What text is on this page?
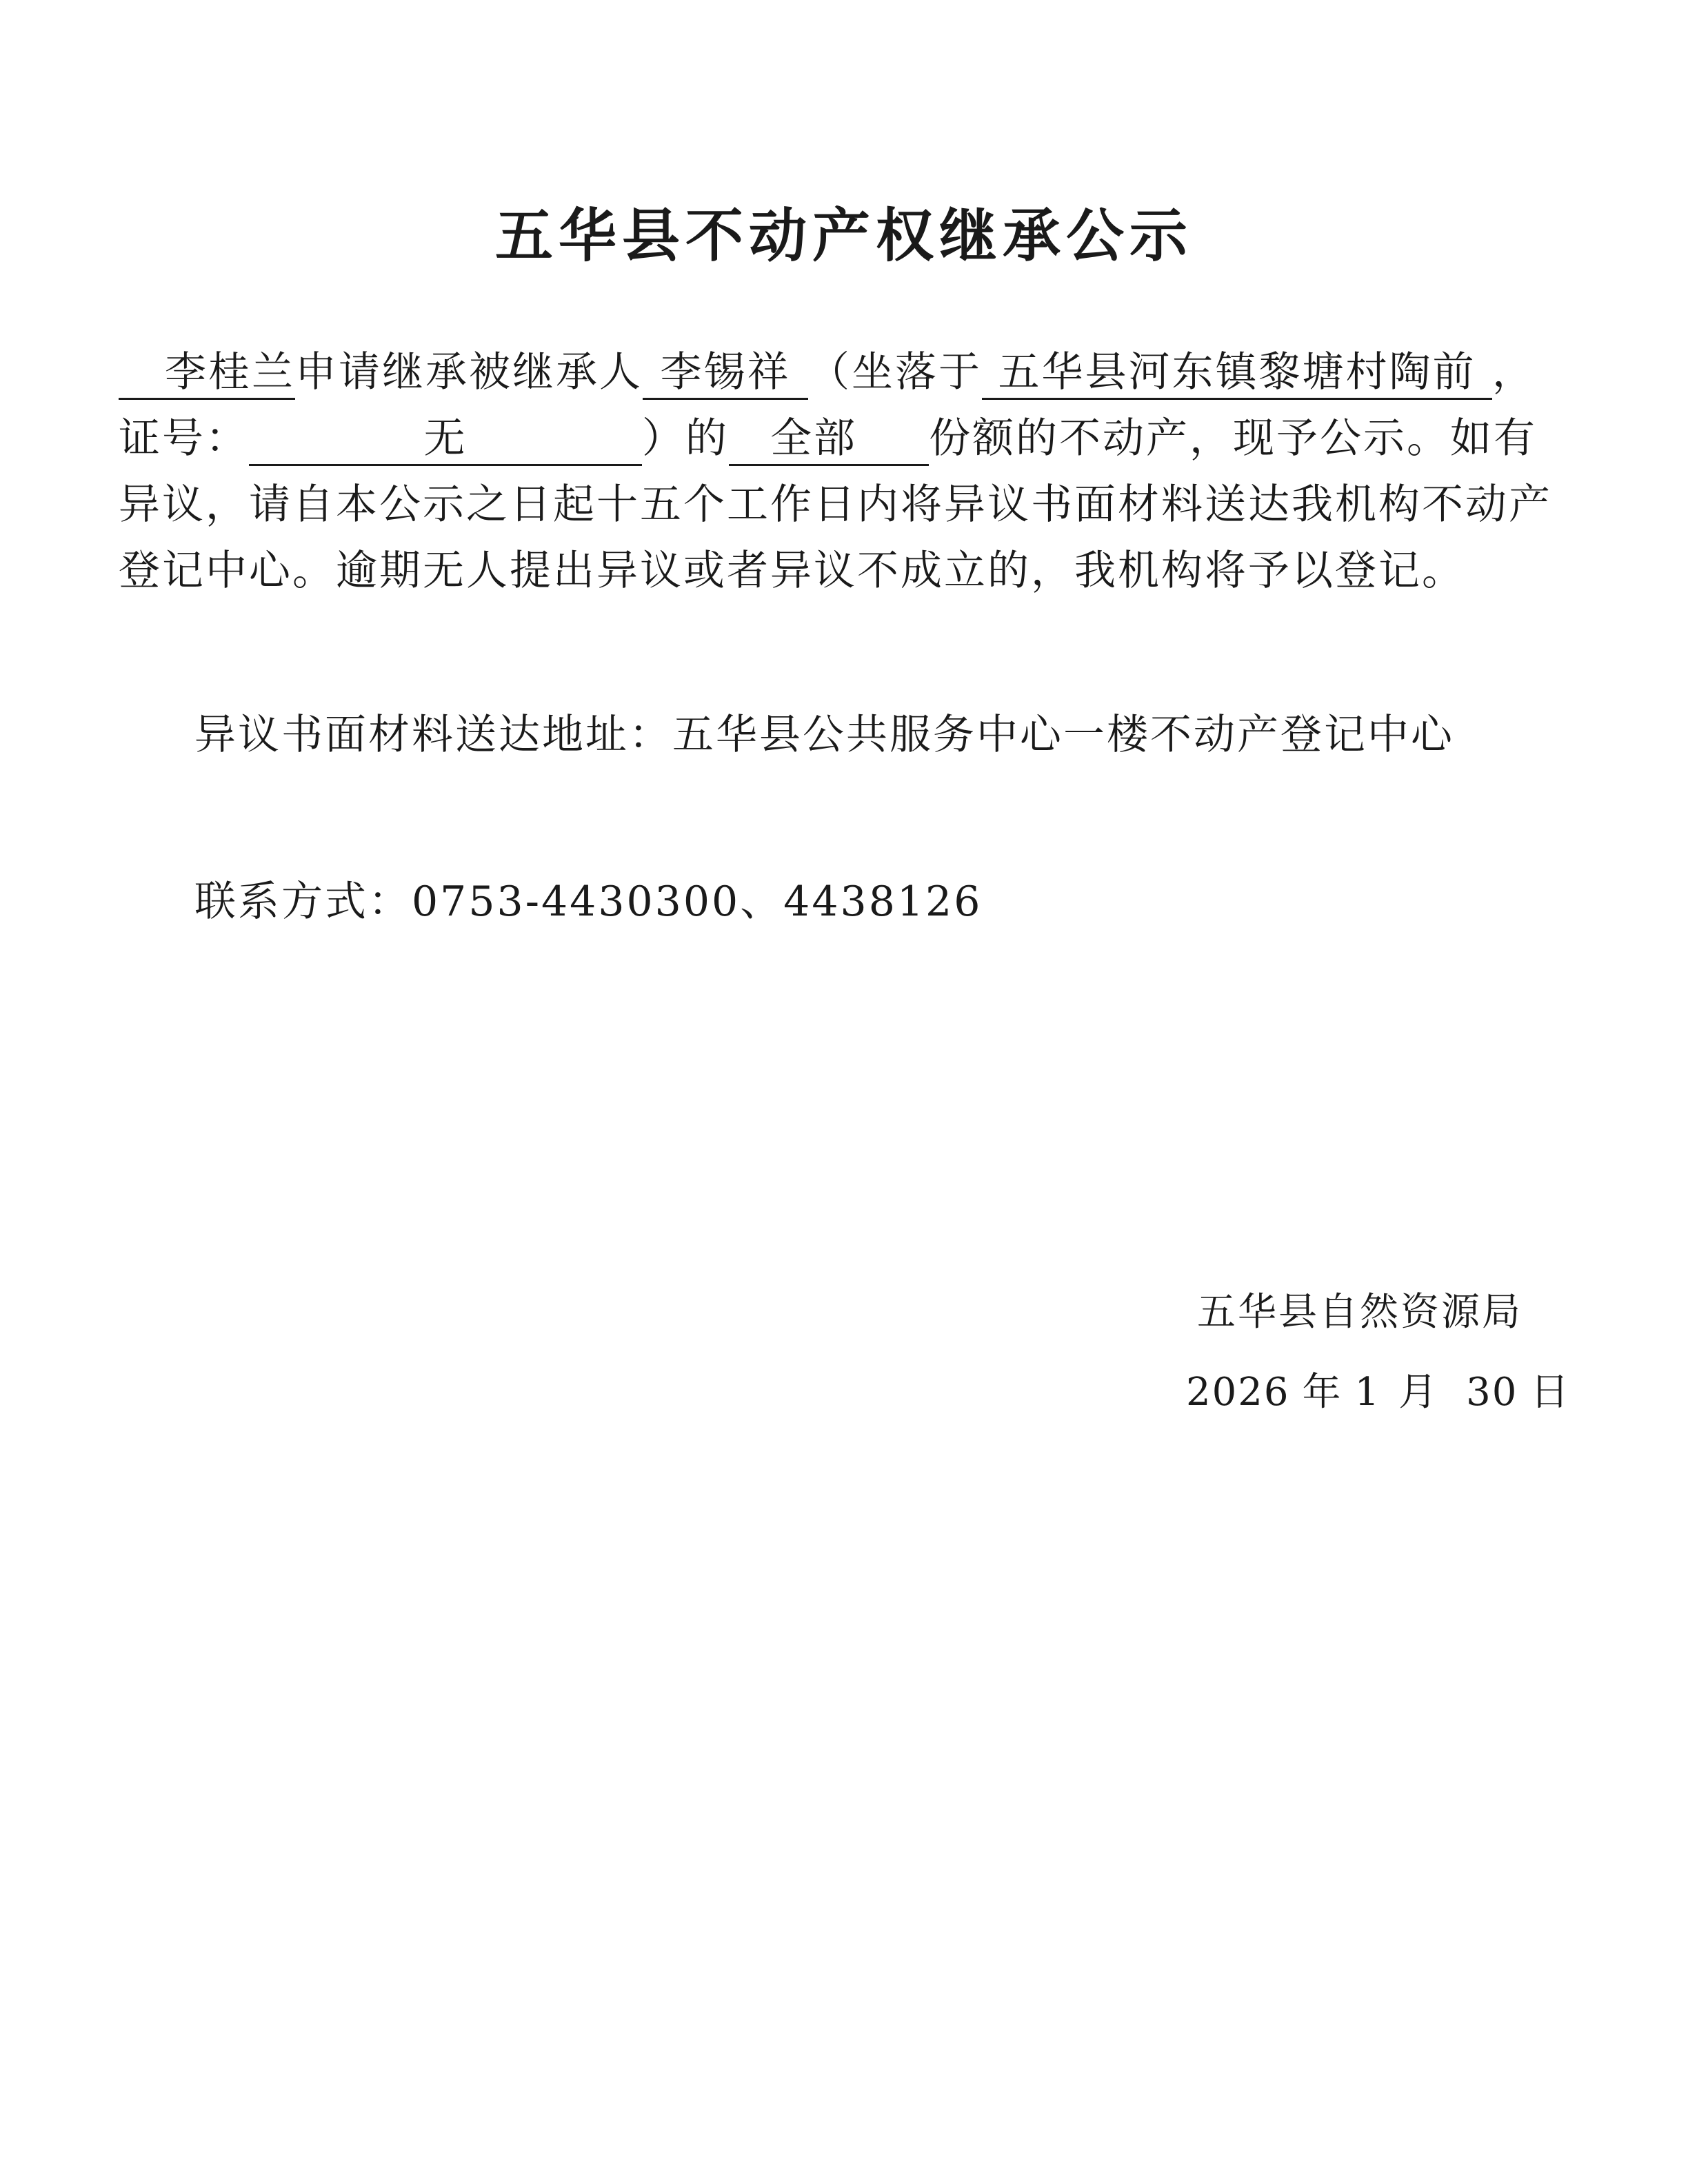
五华县不动产权继承公示

李桂兰申请继承被继承人 李锡祥 （坐落于 五华县河东镇黎塘村陶前 ，证号：	无	）的 全部 份额的不动产，现予公示。如有异议，请自本公示之日起十五个工作日内将异议书面材料送达我机构不动产登记中心。逾期无人提出异议或者异议不成立的，我机构将予以登记。

异议书面材料送达地址：五华县公共服务中心一楼不动产登记中心

联系方式：0753-4430300、4438126

五华县自然资源局
2026 年 1 月 30 日
